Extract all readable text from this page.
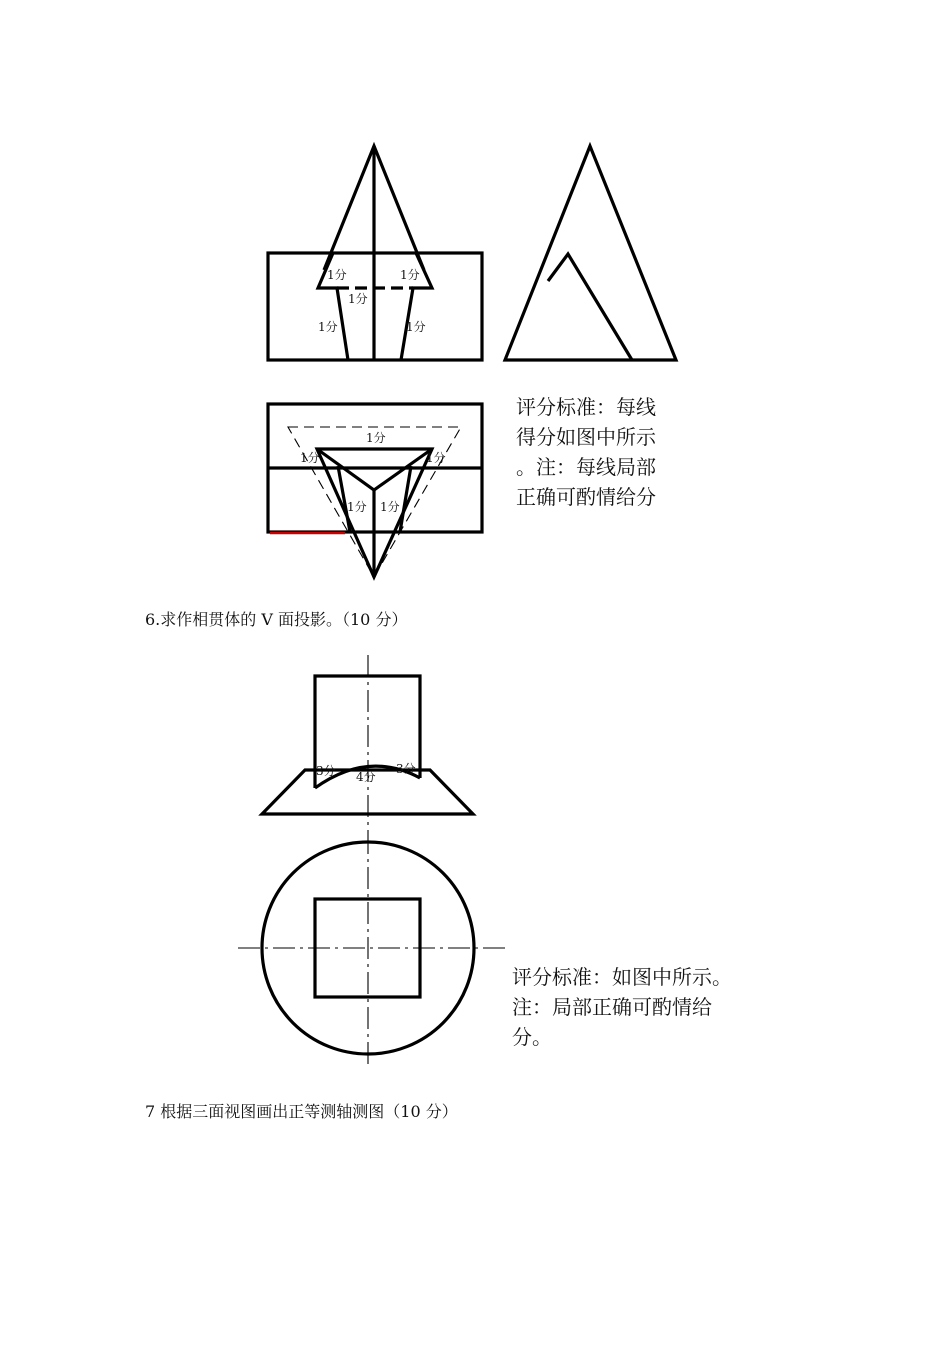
1分	1分
1分
1分	1分
1分
1分	1分
1分 1分
3分 4分
3分
评分标准：每线
得分如图中所示
。注：每线局部
正确可酌情给分

6.求作相贯体的 V 面投影。（10 分）

评分标准：如图中所示。
注：局部正确可酌情给
分。

7 根据三面视图画出正等测轴测图（10 分）
